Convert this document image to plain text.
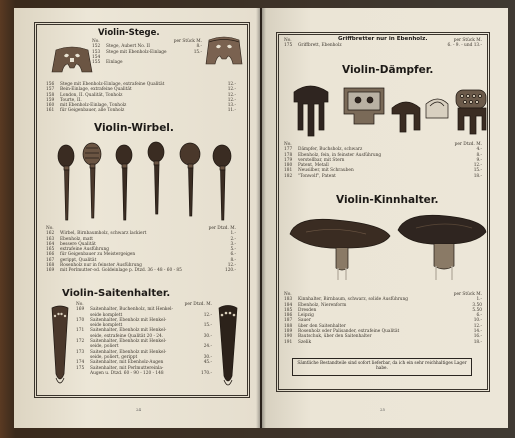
Violin-Stege.
No.	per Stück M.
152	Stege, Aubert No. II	8.-
153	Stege mit Ebenholz-Einlage	15.-
154
155	Einlage
156	Stege mit Ebenholz-Einlage, extrafeine Qualität	12.-
157	Bein-Einlage, extrafeine Qualität	12.-
158	London, II. Qualität, Tonholz	12.-
159	Tourte, II.	12.-
160	mit Ebenholz-Einlage, Tonholz	13.-
161	für Geigenbauer, alle Tonholz	11.-
Violin-Wirbel.
No.	per Dtzd. M.
162	Wirbel, Birnbaumholz, schwarz lackiert	1.-
163	Ebenholz, matt	2.-
164	bessere Qualität	3.-
165	extrafeine Ausführung	5.-
166	für Geigenbauer zu Meistergeigen	6.-
167	gerippt, Qualität	8.-
168	Rosenholz nur in feinster Ausführung	12.-
169	mit Perlmutter-od. Goldeinlage p. Dtzd. 36 - 48 - 60 - 85	120.-
Violin-Saitenhalter.
No.	per Dtzd. M.
169	Saitenhalter, Buchenholz, mit Henkel-
seide komplett	12.-
170	Saitenhalter, Ebenholz mit Henkel-
seide komplett	15.-
171	Saitenhalter, Ebenholz mit Henkel-
seide, extrafeine Qualität 20 - 24.	30.-
172	Saitenhalter, Ebenholz mit Henkel-
seide, poliert	24.-
173	Saitenhalter, Ebenholz mit Henkel-
seide, poliert, gerippt	30.-
174	Saitenhalter, mit Ebenholz-Augen	45.-
175	Saitenhalter, mit Perlmuttereinla-
Augen u. Dtzd. 60 - 90 - 120 - 148	170.-
24
No.	per Stück M.
175	Griffbrett, Ebenholz	6. - 9. - und 13.-
Griffbretter nur in Ebenholz.
Violin-Dämpfer.
No.	per Dtzd. M.
177	Dämpfer, Buchsholz, schwarz	4.-
178	Ebenholz, fein, in feinster Ausführung	8.-
179	verstellbar, mit Stern	9.-
180	Patent, Metall	12.-
181	Neusilber, mit Schrauben	15.-
182	"Tonwolf", Patent	18.-
Violin-Kinnhalter.
No.	per Stück M.
183	Kinnhalter, Birnbaum, schwarz, solide Ausführung	1.-
184	Ebenholz, Nierenform	3.50
185	Dresden	5.50
186	Leipzig	6.-
187	Sauer	10.-
188	über den Saitenhalter	12.-
189	Rosenholz oder Palisander, extrafeine Qualität	14.-
190	Bautschuk, über den Saitenhalter	16.-
191	Szelik	18.-
Sämtliche Bestandteile sind sofort lieferbar, da ich ein sehr reichhaltiges Lager habe.
25
